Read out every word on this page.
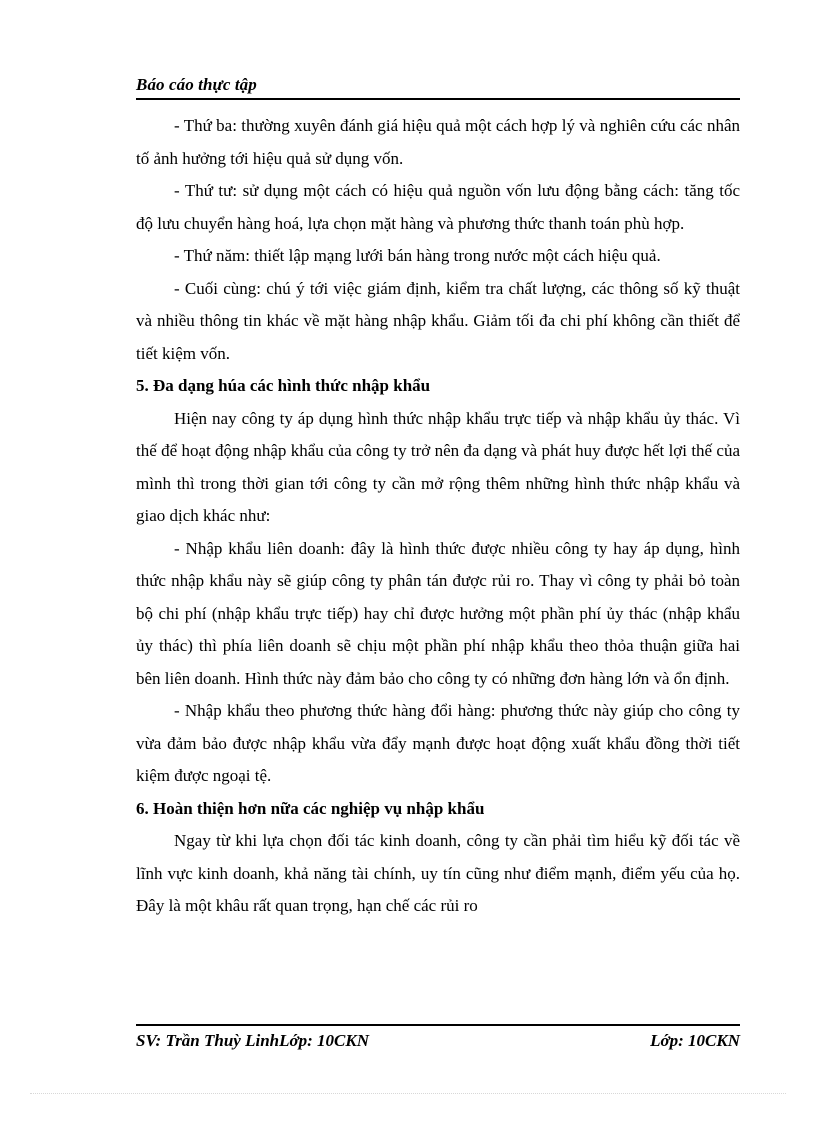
Báo cáo thực tập

- Thứ ba: thường xuyên đánh giá hiệu quả một cách hợp lý và nghiên cứu các nhân tố ảnh hưởng tới hiệu quả sử dụng vốn.

- Thứ tư: sử dụng một cách có hiệu quả nguồn vốn lưu động bằng cách: tăng tốc độ lưu chuyển hàng hoá, lựa chọn mặt hàng và phương thức thanh toán phù hợp.

- Thứ năm: thiết lập mạng lưới bán hàng trong nước một cách hiệu quả.

- Cuối cùng: chú ý tới việc giám định, kiểm tra chất lượng, các thông số kỹ thuật và nhiều thông tin khác về mặt hàng nhập khẩu. Giảm tối đa chi phí không cần thiết để tiết kiệm vốn.

5. Đa dạng húa các hình thức nhập khẩu

Hiện nay công ty áp dụng hình thức nhập khẩu trực tiếp và nhập khẩu ủy thác. Vì thế để hoạt động nhập khẩu của công ty trở nên đa dạng và phát huy được hết lợi thế của mình thì trong thời gian tới công ty cần mở rộng thêm những hình thức nhập khẩu và giao dịch khác như:

- Nhập khẩu liên doanh: đây là hình thức được nhiều công ty hay áp dụng, hình thức nhập khẩu này sẽ giúp công ty phân tán được rủi ro. Thay vì công ty phải bỏ toàn bộ chi phí (nhập khẩu trực tiếp) hay chỉ được hưởng một phần phí ủy thác (nhập khẩu ủy thác) thì phía liên doanh sẽ chịu một phần phí nhập khẩu theo thỏa thuận giữa hai bên liên doanh. Hình thức này đảm bảo cho công ty có những đơn hàng lớn và ổn định.

- Nhập khẩu theo phương thức hàng đổi hàng: phương thức này giúp cho công ty vừa đảm bảo được nhập khẩu vừa đẩy mạnh được hoạt động xuất khẩu đồng thời tiết kiệm được ngoại tệ.

6. Hoàn thiện hơn nữa các nghiệp vụ nhập khẩu

Ngay từ khi lựa chọn đối tác kinh doanh, công ty cần phải tìm hiểu kỹ đối tác về lĩnh vực kinh doanh, khả năng tài chính, uy tín cũng như điểm mạnh, điểm yếu của họ. Đây là một khâu rất quan trọng, hạn chế các rủi ro

SV: Trần Thuỳ LinhLớp: 10CKN	Lớp: 10CKN
